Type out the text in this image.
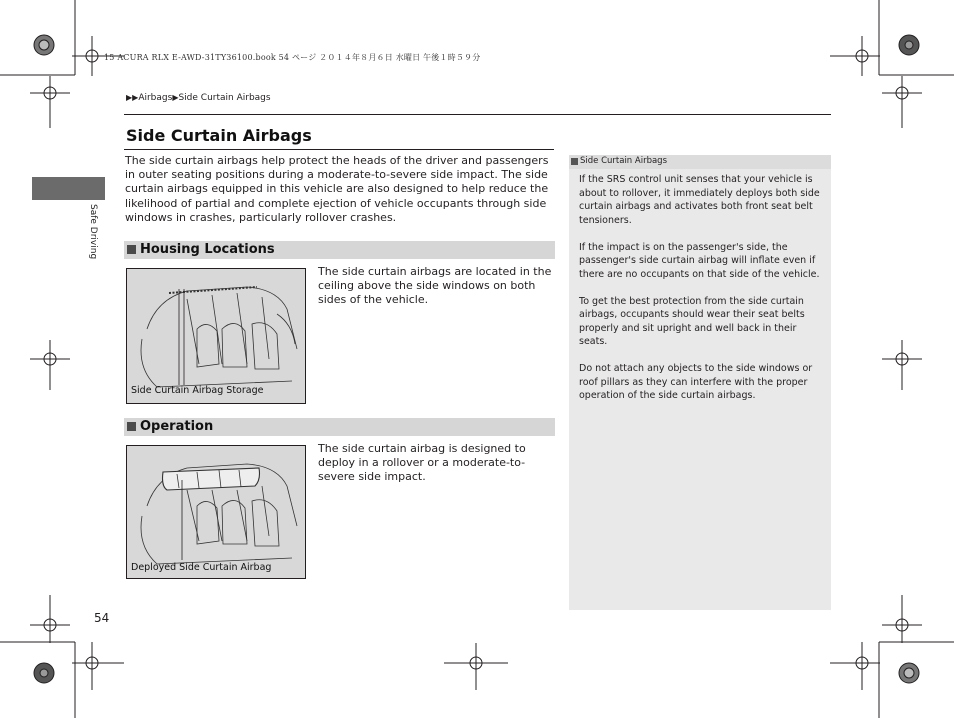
15 ACURA RLX E-AWD-31TY36100.book 54 ページ ２０１４年８月６日 水曜日 午後１時５９分
▶▶Airbags▶Side Curtain Airbags
Safe Driving
Side Curtain Airbags
The side curtain airbags help protect the heads of the driver and passengers in outer seating positions during a moderate-to-severe side impact. The side curtain airbags equipped in this vehicle are also designed to help reduce the likelihood of partial and complete ejection of vehicle occupants through side windows in crashes, particularly rollover crashes.
Housing Locations
Side Curtain Airbag Storage
The side curtain airbags are located in the ceiling above the side windows on both sides of the vehicle.
Operation
Deployed Side Curtain Airbag
The side curtain airbag is designed to deploy in a rollover or a moderate-to-severe side impact.
Side Curtain Airbags

If the SRS control unit senses that your vehicle is about to rollover, it immediately deploys both side curtain airbags and activates both front seat belt tensioners.

If the impact is on the passenger's side, the passenger's side curtain airbag will inflate even if there are no occupants on that side of the vehicle.

To get the best protection from the side curtain airbags, occupants should wear their seat belts properly and sit upright and well back in their seats.

Do not attach any objects to the side windows or roof pillars as they can interfere with the proper operation of the side curtain airbags.

54
